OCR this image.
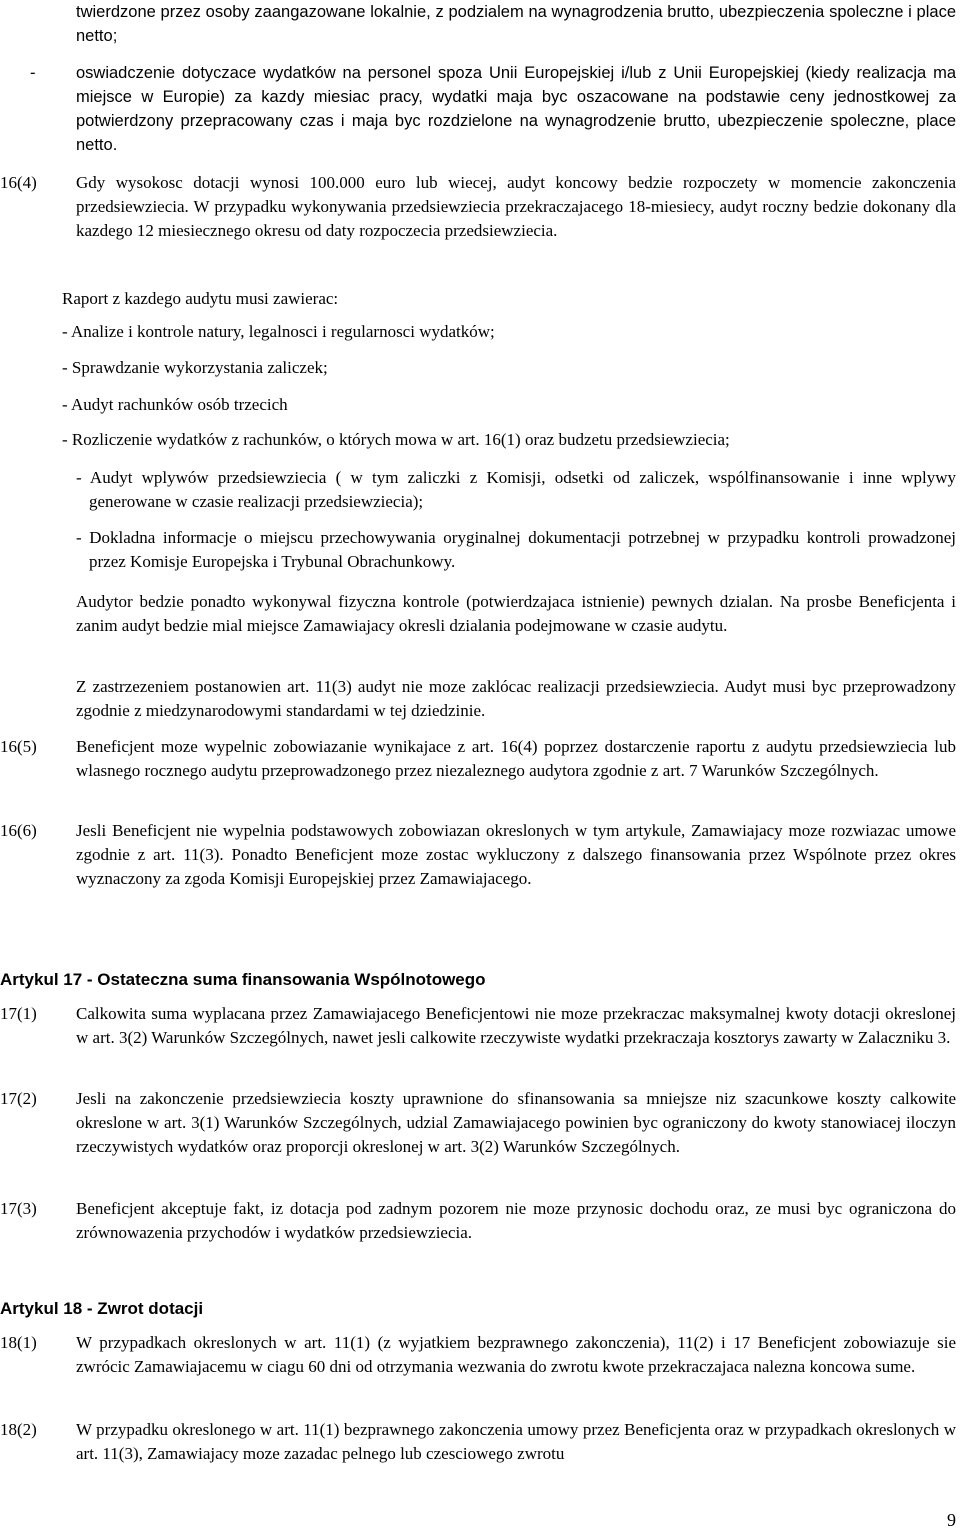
twierdzone przez osoby zaangazowane lokalnie, z podzialem na wynagrodzenia brutto, ubezpieczenia spoleczne i place netto;
-	oswiadczenie dotyczace wydatków na personel spoza Unii Europejskiej i/lub z Unii Europejskiej (kiedy realizacja ma miejsce w Europie) za kazdy miesiac pracy, wydatki maja byc oszacowane na podstawie ceny jednostkowej za potwierdzony przepracowany czas i maja byc rozdzielone na wynagrodzenie brutto, ubezpieczenie spoleczne, place netto.
16(4)	Gdy wysokosc dotacji wynosi 100.000 euro lub wiecej, audyt koncowy bedzie rozpoczety w momencie zakonczenia przedsiewziecia. W przypadku wykonywania przedsiewziecia przekraczajacego 18-miesiecy, audyt roczny bedzie dokonany dla kazdego 12 miesiecznego okresu od daty rozpoczecia przedsiewziecia.
Raport z kazdego audytu musi zawierac:
- Analize i kontrole natury, legalnosci i regularnosci wydatków;
- Sprawdzanie wykorzystania zaliczek;
- Audyt rachunków osób trzecich
- Rozliczenie wydatków z rachunków, o których mowa w art. 16(1) oraz budzetu przedsiewziecia;
- Audyt wplywów przedsiewziecia ( w tym zaliczki z Komisji, odsetki od zaliczek, wspólfinansowanie i inne wplywy generowane w czasie realizacji przedsiewziecia);
- Dokladna informacje o miejscu przechowywania oryginalnej dokumentacji potrzebnej w przypadku kontroli prowadzonej przez Komisje Europejska i Trybunal Obrachunkowy.
Audytor bedzie ponadto wykonywal fizyczna kontrole (potwierdzajaca istnienie) pewnych dzialan. Na prosbe Beneficjenta i zanim audyt bedzie mial miejsce Zamawiajacy okresli dzialania podejmowane w czasie audytu.
Z zastrzezeniem postanowien art. 11(3) audyt nie moze zaklócac realizacji przedsiewziecia. Audyt musi byc przeprowadzony zgodnie z miedzynarodowymi standardami w tej dziedzinie.
16(5)	Beneficjent moze wypelnic zobowiazanie wynikajace z art. 16(4) poprzez dostarczenie raportu z audytu przedsiewziecia lub wlasnego rocznego audytu przeprowadzonego przez niezaleznego audytora zgodnie z art. 7 Warunków Szczególnych.
16(6)	Jesli Beneficjent nie wypelnia podstawowych zobowiazan okreslonych w tym artykule, Zamawiajacy moze rozwiazac umowe zgodnie z art. 11(3). Ponadto Beneficjent moze zostac wykluczony z dalszego finansowania przez Wspólnote przez okres wyznaczony za zgoda Komisji Europejskiej przez Zamawiajacego.
Artykul 17 - Ostateczna suma finansowania Wspólnotowego
17(1)	Calkowita suma wyplacana przez Zamawiajacego Beneficjentowi nie moze przekraczac maksymalnej kwoty dotacji okreslonej w art. 3(2) Warunków Szczególnych, nawet jesli calkowite rzeczywiste wydatki przekraczaja kosztorys zawarty w Zalaczniku 3.
17(2)	Jesli na zakonczenie przedsiewziecia koszty uprawnione do sfinansowania sa mniejsze niz szacunkowe koszty calkowite okreslone w art. 3(1) Warunków Szczególnych, udzial Zamawiajacego powinien byc ograniczony do kwoty stanowiacej iloczyn rzeczywistych wydatków oraz proporcji okreslonej w art. 3(2) Warunków Szczególnych.
17(3)	Beneficjent akceptuje fakt, iz dotacja pod zadnym pozorem nie moze przynosic dochodu oraz, ze musi byc ograniczona do zrównowazenia przychodów i wydatków przedsiewziecia.
Artykul 18 - Zwrot dotacji
18(1)	W przypadkach okreslonych w art. 11(1) (z wyjatkiem bezprawnego zakonczenia), 11(2) i 17 Beneficjent zobowiazuje sie zwrócic Zamawiajacemu w ciagu 60 dni od otrzymania wezwania do zwrotu kwote przekraczajaca nalezna koncowa sume.
18(2)	W przypadku okreslonego w art. 11(1) bezprawnego zakonczenia umowy przez Beneficjenta oraz w przypadkach okreslonych w art. 11(3), Zamawiajacy moze zazadac pelnego lub czesciowego zwrotu
9
